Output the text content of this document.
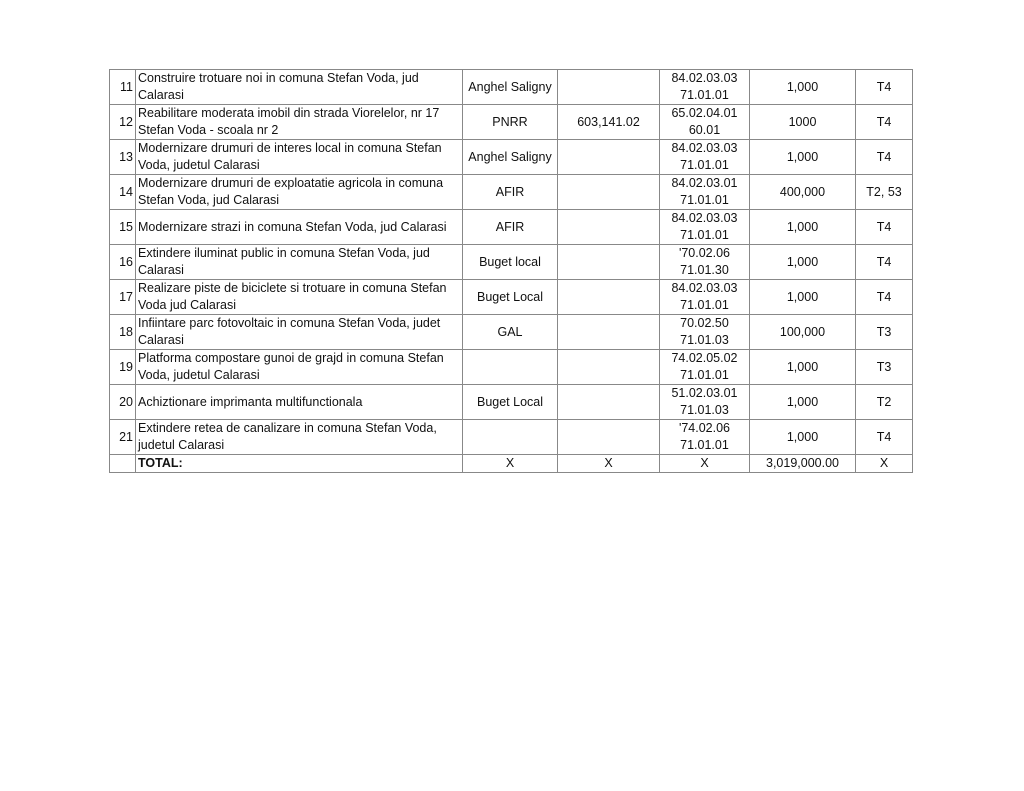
11	Construire trotuare noi in comuna Stefan Voda, jud Calarasi	Anghel Saligny		84.02.03.03
71.01.01	1,000	T4
12	Reabilitare moderata imobil din strada Viorelelor, nr 17 Stefan Voda - scoala nr 2	PNRR	603,141.02	65.02.04.01
60.01	1000	T4
13	Modernizare drumuri de interes local in comuna Stefan Voda, judetul Calarasi	Anghel Saligny		84.02.03.03
71.01.01	1,000	T4
14	Modernizare drumuri de exploatatie agricola in comuna Stefan Voda, jud Calarasi	AFIR		84.02.03.01
71.01.01	400,000	T2, 53
15	Modernizare strazi in comuna Stefan Voda, jud Calarasi	AFIR		84.02.03.03
71.01.01	1,000	T4
16	Extindere iluminat public in comuna Stefan Voda, jud Calarasi	Buget local		'70.02.06
71.01.30	1,000	T4
17	Realizare piste de biciclete si trotuare in comuna Stefan Voda jud Calarasi	Buget Local		84.02.03.03
71.01.01	1,000	T4
18	Infiintare parc fotovoltaic in comuna Stefan Voda, judet Calarasi	GAL		70.02.50
71.01.03	100,000	T3
19	Platforma compostare gunoi de grajd in comuna Stefan Voda, judetul Calarasi			74.02.05.02
71.01.01	1,000	T3
20	Achiztionare imprimanta multifunctionala	Buget Local		51.02.03.01
71.01.03	1,000	T2
21	Extindere retea de canalizare in comuna Stefan Voda, judetul Calarasi			'74.02.06
71.01.01	1,000	T4
	TOTAL:	X	X	X	3,019,000.00	X
